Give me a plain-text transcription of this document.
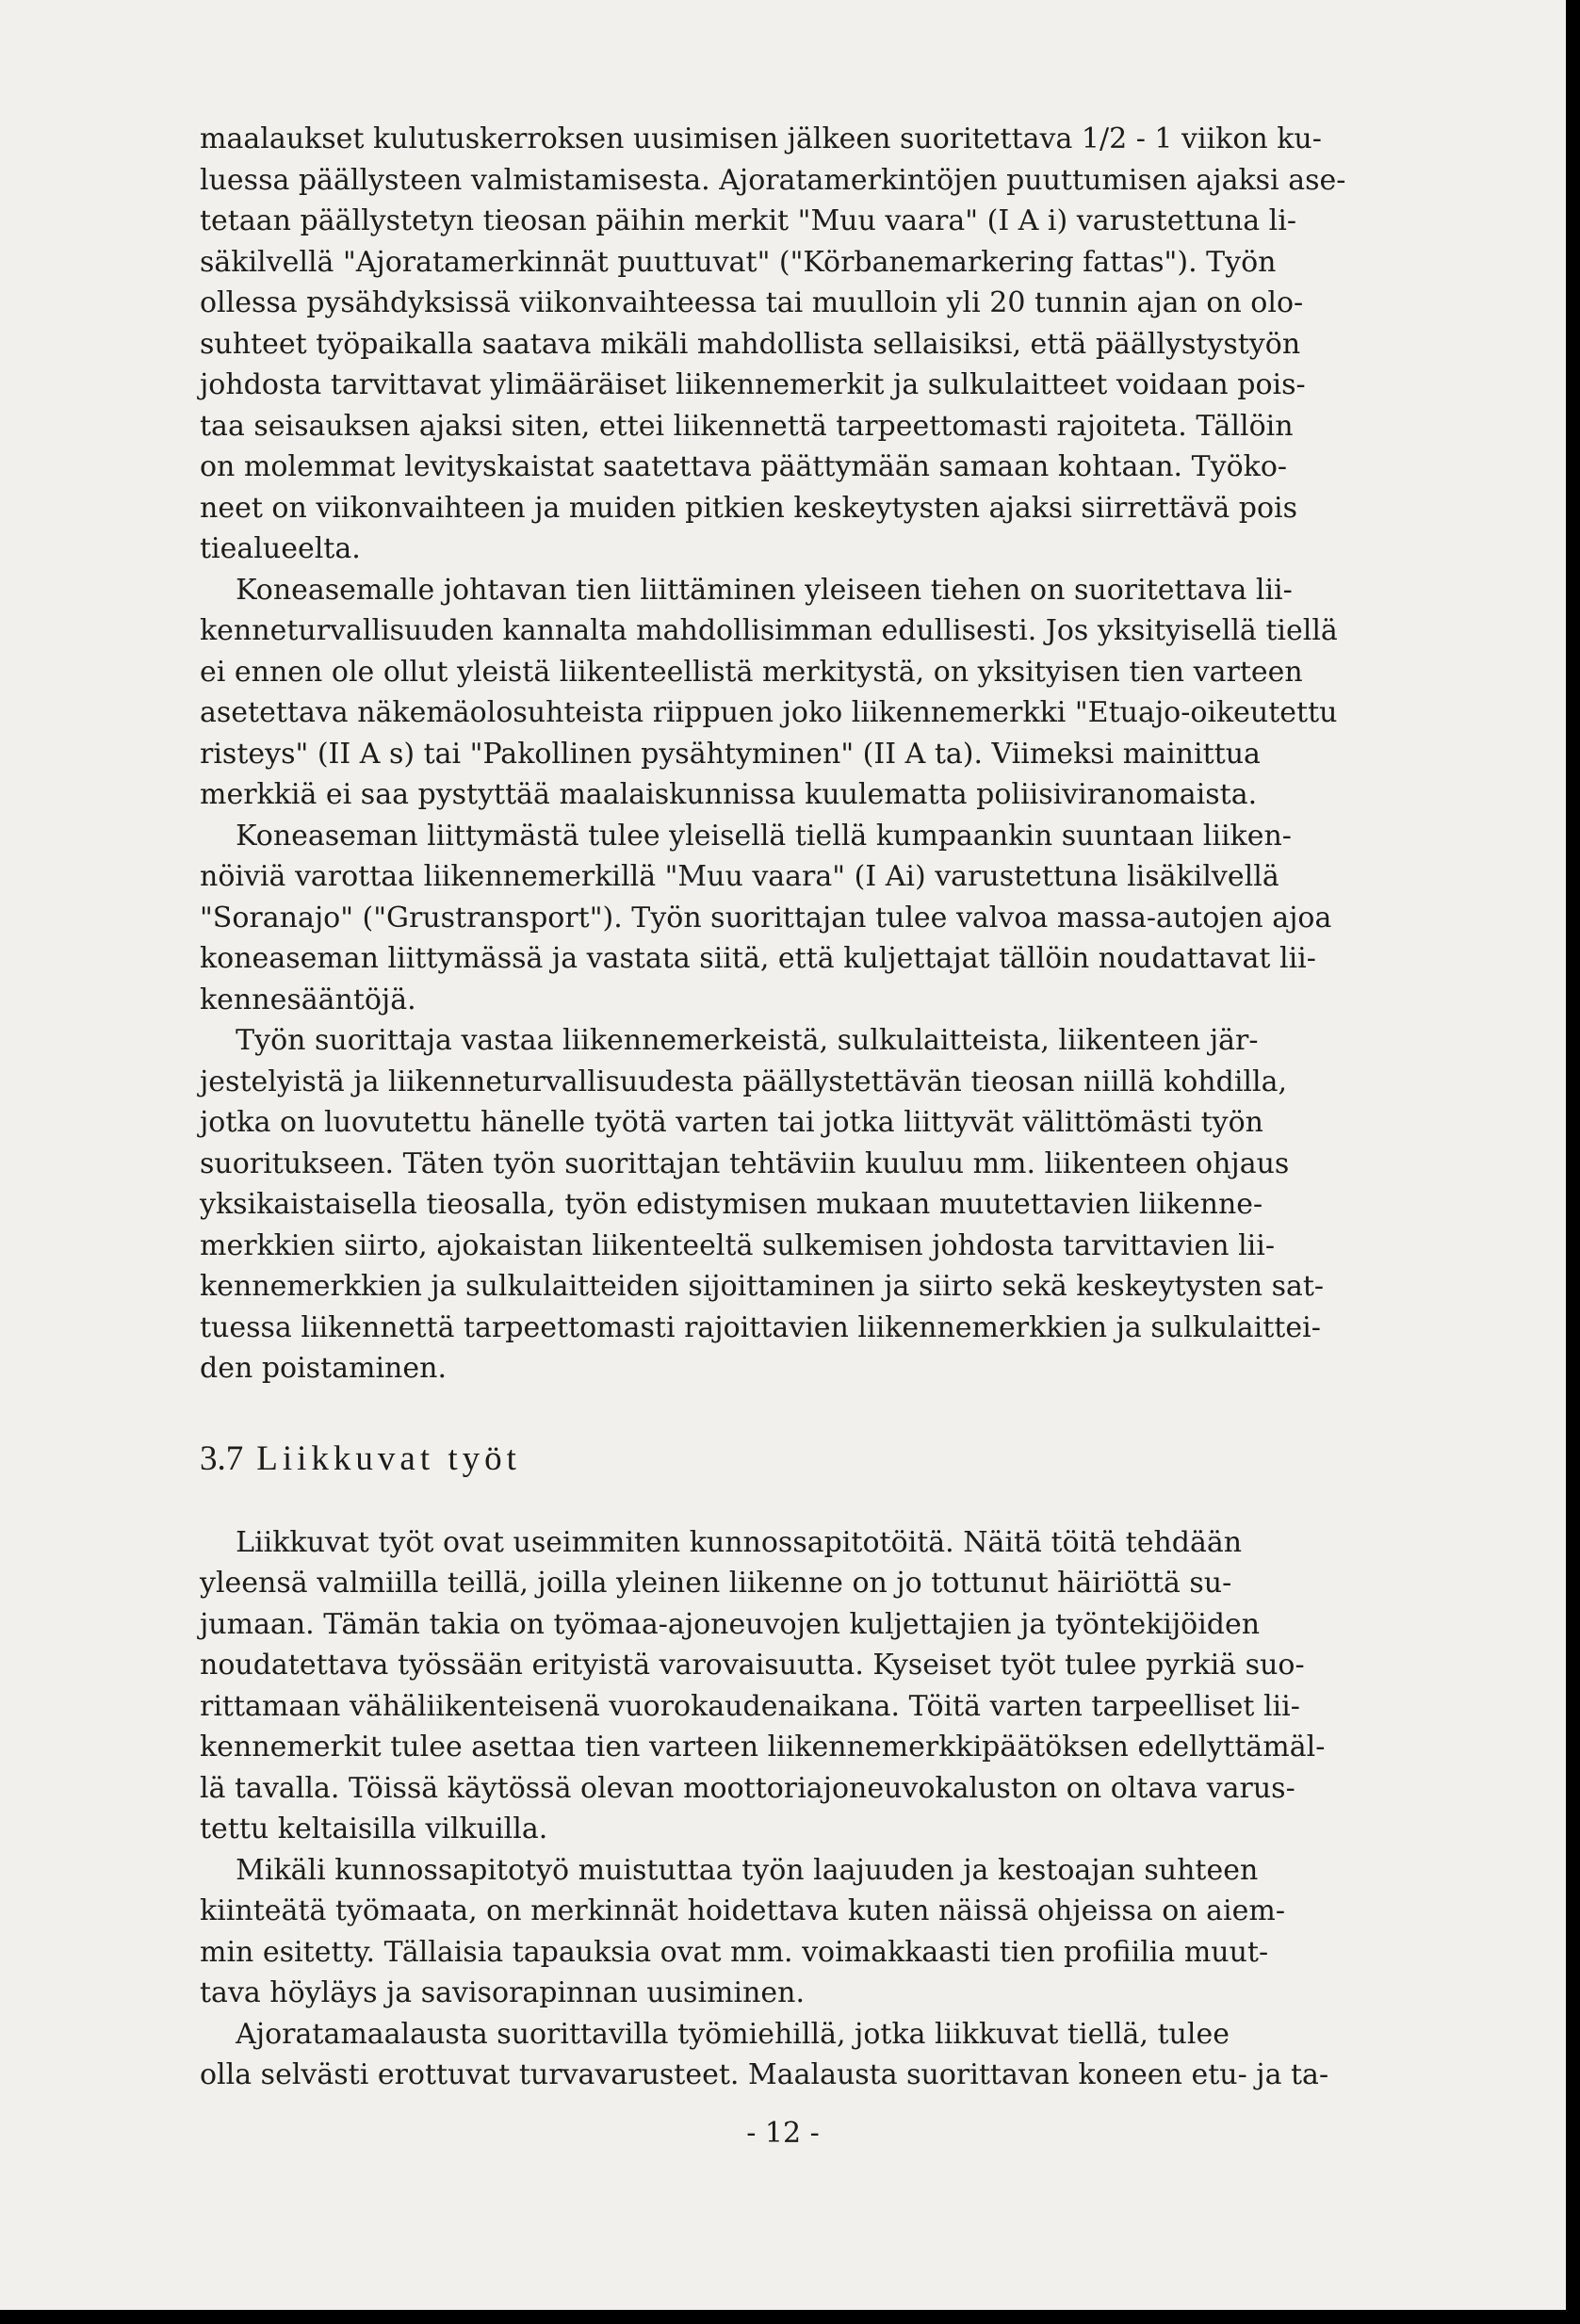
maalaukset kulutuskerroksen uusimisen jälkeen suoritettava 1/2 - 1 viikon ku-

luessa päällysteen valmistamisesta. Ajoratamerkintöjen puuttumisen ajaksi ase-

tetaan päällystetyn tieosan päihin merkit "Muu vaara" (I A i) varustettuna li-

säkilvellä "Ajoratamerkinnät puuttuvat" ("Körbanemarkering fattas"). Työn

ollessa pysähdyksissä viikonvaihteessa tai muulloin yli 20 tunnin ajan on olo-

suhteet työpaikalla saatava mikäli mahdollista sellaisiksi, että päällystystyön

johdosta tarvittavat ylimääräiset liikennemerkit ja sulkulaitteet voidaan pois-

taa seisauksen ajaksi siten, ettei liikennettä tarpeettomasti rajoiteta. Tällöin

on molemmat levityskaistat saatettava päättymään samaan kohtaan. Työko-

neet on viikonvaihteen ja muiden pitkien keskeytysten ajaksi siirrettävä pois

tiealueelta.

Koneasemalle johtavan tien liittäminen yleiseen tiehen on suoritettava lii-

kenneturvallisuuden kannalta mahdollisimman edullisesti. Jos yksityisellä tiellä

ei ennen ole ollut yleistä liikenteellistä merkitystä, on yksityisen tien varteen

asetettava näkemäolosuhteista riippuen joko liikennemerkki "Etuajo-oikeutettu

risteys" (II A s) tai "Pakollinen pysähtyminen" (II A ta). Viimeksi mainittua

merkkiä ei saa pystyttää maalaiskunnissa kuulematta poliisiviranomaista.

Koneaseman liittymästä tulee yleisellä tiellä kumpaankin suuntaan liiken-

nöiviä varottaa liikennemerkillä "Muu vaara" (I Ai) varustettuna lisäkilvellä

"Soranajo" ("Grustransport"). Työn suorittajan tulee valvoa massa-autojen ajoa

koneaseman liittymässä ja vastata siitä, että kuljettajat tällöin noudattavat lii-

kennesääntöjä.

Työn suorittaja vastaa liikennemerkeistä, sulkulaitteista, liikenteen jär-

jestelyistä ja liikenneturvallisuudesta päällystettävän tieosan niillä kohdilla,

jotka on luovutettu hänelle työtä varten tai jotka liittyvät välittömästi työn

suoritukseen. Täten työn suorittajan tehtäviin kuuluu mm. liikenteen ohjaus

yksikaistaisella tieosalla, työn edistymisen mukaan muutettavien liikenne-

merkkien siirto, ajokaistan liikenteeltä sulkemisen johdosta tarvittavien lii-

kennemerkkien ja sulkulaitteiden sijoittaminen ja siirto sekä keskeytysten sat-

tuessa liikennettä tarpeettomasti rajoittavien liikennemerkkien ja sulkulaittei-

den poistaminen.

3.7 Liikkuvat työt

Liikkuvat työt ovat useimmiten kunnossapitotöitä. Näitä töitä tehdään

yleensä valmiilla teillä, joilla yleinen liikenne on jo tottunut häiriöttä su-

jumaan. Tämän takia on työmaa-ajoneuvojen kuljettajien ja työntekijöiden

noudatettava työssään erityistä varovaisuutta. Kyseiset työt tulee pyrkiä suo-

rittamaan vähäliikenteisenä vuorokaudenaikana. Töitä varten tarpeelliset lii-

kennemerkit tulee asettaa tien varteen liikennemerkkipäätöksen edellyttämäl-

lä tavalla. Töissä käytössä olevan moottoriajoneuvokaluston on oltava varus-

tettu keltaisilla vilkuilla.

Mikäli kunnossapitotyö muistuttaa työn laajuuden ja kestoajan suhteen

kiinteätä työmaata, on merkinnät hoidettava kuten näissä ohjeissa on aiem-

min esitetty. Tällaisia tapauksia ovat mm. voimakkaasti tien profiilia muut-

tava höyläys ja savisorapinnan uusiminen.

Ajoratamaalausta suorittavilla työmiehillä, jotka liikkuvat tiellä, tulee

olla selvästi erottuvat turvavarusteet. Maalausta suorittavan koneen etu- ja ta-

- 12 -
